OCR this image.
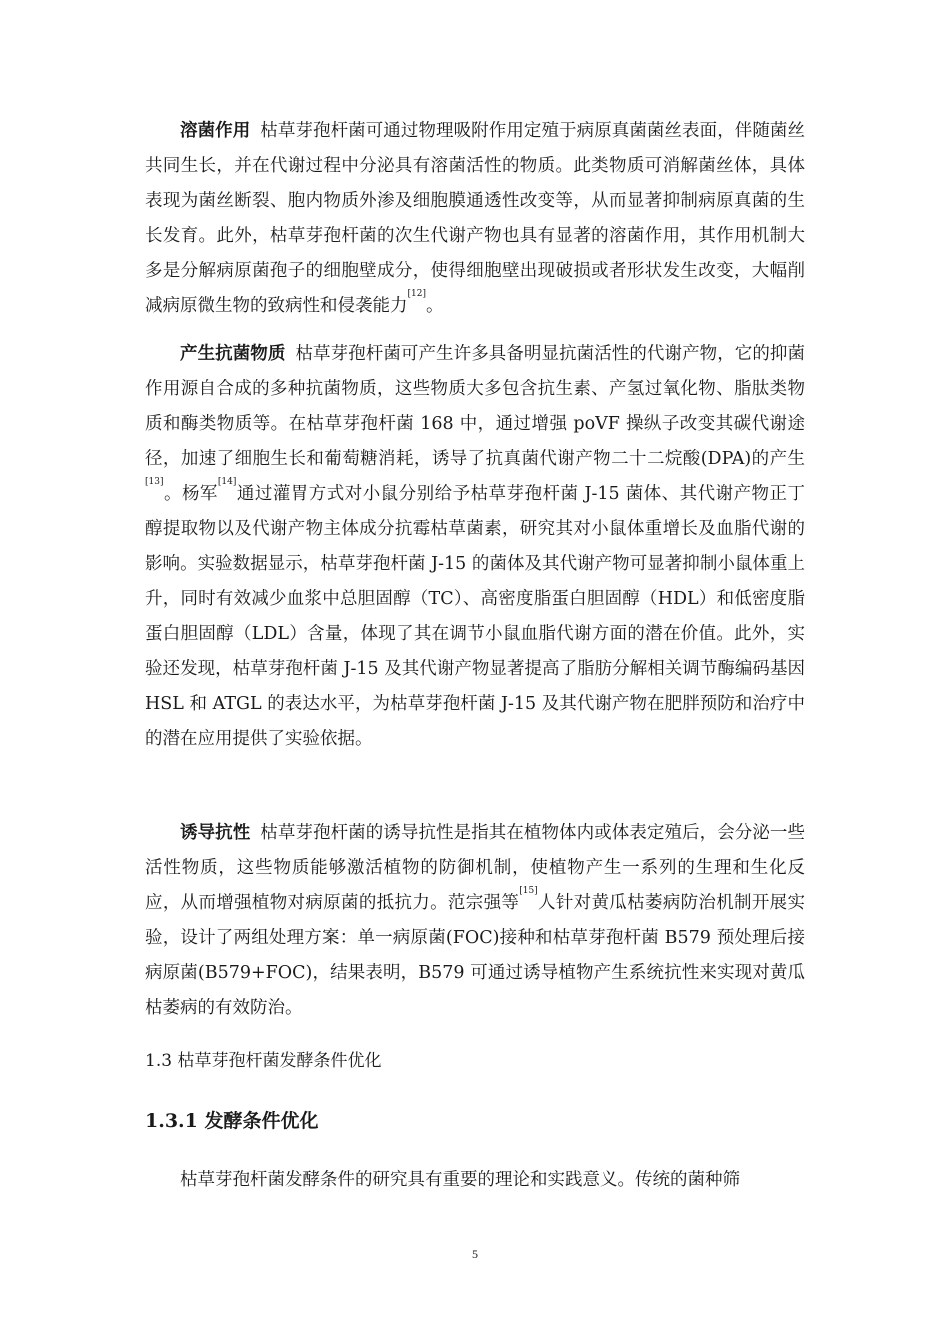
溶菌作用 枯草芽孢杆菌可通过物理吸附作用定殖于病原真菌菌丝表面，伴随菌丝共同生长，并在代谢过程中分泌具有溶菌活性的物质。此类物质可消解菌丝体，具体表现为菌丝断裂、胞内物质外渗及细胞膜通透性改变等，从而显著抑制病原真菌的生长发育。此外，枯草芽孢杆菌的次生代谢产物也具有显著的溶菌作用，其作用机制大多是分解病原菌孢子的细胞壁成分，使得细胞壁出现破损或者形状发生改变，大幅削减病原微生物的致病性和侵袭能力[12]。

产生抗菌物质 枯草芽孢杆菌可产生许多具备明显抗菌活性的代谢产物，它的抑菌作用源自合成的多种抗菌物质，这些物质大多包含抗生素、产氢过氧化物、脂肽类物质和酶类物质等。在枯草芽孢杆菌 168 中，通过增强 poVF 操纵子改变其碳代谢途径，加速了细胞生长和葡萄糖消耗，诱导了抗真菌代谢产物二十二烷酸(DPA)的产生[13]。杨军[14]通过灌胃方式对小鼠分别给予枯草芽孢杆菌 J-15 菌体、其代谢产物正丁醇提取物以及代谢产物主体成分抗霉枯草菌素，研究其对小鼠体重增长及血脂代谢的影响。实验数据显示，枯草芽孢杆菌 J-15 的菌体及其代谢产物可显著抑制小鼠体重上升，同时有效减少血浆中总胆固醇（TC）、高密度脂蛋白胆固醇（HDL）和低密度脂蛋白胆固醇（LDL）含量，体现了其在调节小鼠血脂代谢方面的潜在价值。此外，实验还发现，枯草芽孢杆菌 J-15 及其代谢产物显著提高了脂肪分解相关调节酶编码基因 HSL 和 ATGL 的表达水平，为枯草芽孢杆菌 J-15 及其代谢产物在肥胖预防和治疗中的潜在应用提供了实验依据。

诱导抗性 枯草芽孢杆菌的诱导抗性是指其在植物体内或体表定殖后，会分泌一些活性物质，这些物质能够激活植物的防御机制，使植物产生一系列的生理和生化反应，从而增强植物对病原菌的抵抗力。范宗强等[15]人针对黄瓜枯萎病防治机制开展实验，设计了两组处理方案：单一病原菌(FOC)接种和枯草芽孢杆菌 B579 预处理后接病原菌(B579+FOC)，结果表明，B579 可通过诱导植物产生系统抗性来实现对黄瓜枯萎病的有效防治。

1.3 枯草芽孢杆菌发酵条件优化
1.3.1 发酵条件优化

枯草芽孢杆菌发酵条件的研究具有重要的理论和实践意义。传统的菌种筛

5
